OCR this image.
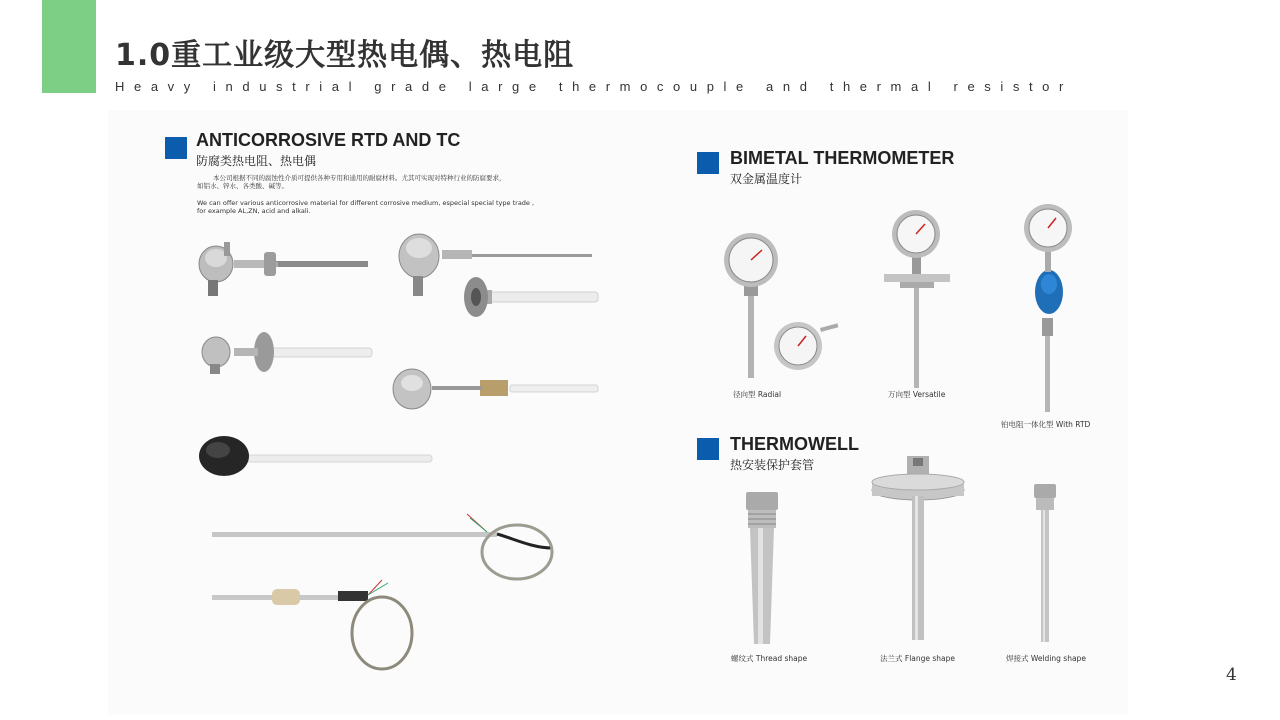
1.0重工业级大型热电偶、热电阻
Heavy industrial grade large thermocouple and thermal resistor
ANTICORROSIVE RTD AND TC
防腐类热电阻、热电偶
本公司根据不同的腐蚀性介质可提供各种专用和通用的耐腐材料。尤其可实现对特种行业的防腐要求，
如铝水、锌水、各类酸、碱等。
We can offer various anticorrosive material for different corrosive medium, especial special type trade ,
for example AL,ZN, acid and alkali.
BIMETAL THERMOMETER
双金属温度计
径向型 Radial	万向型 Versatile
铂电阻一体化型 With RTD
THERMOWELL
热安装保护套管
螺纹式 Thread shape	法兰式 Flange shape	焊接式 Welding shape
4
